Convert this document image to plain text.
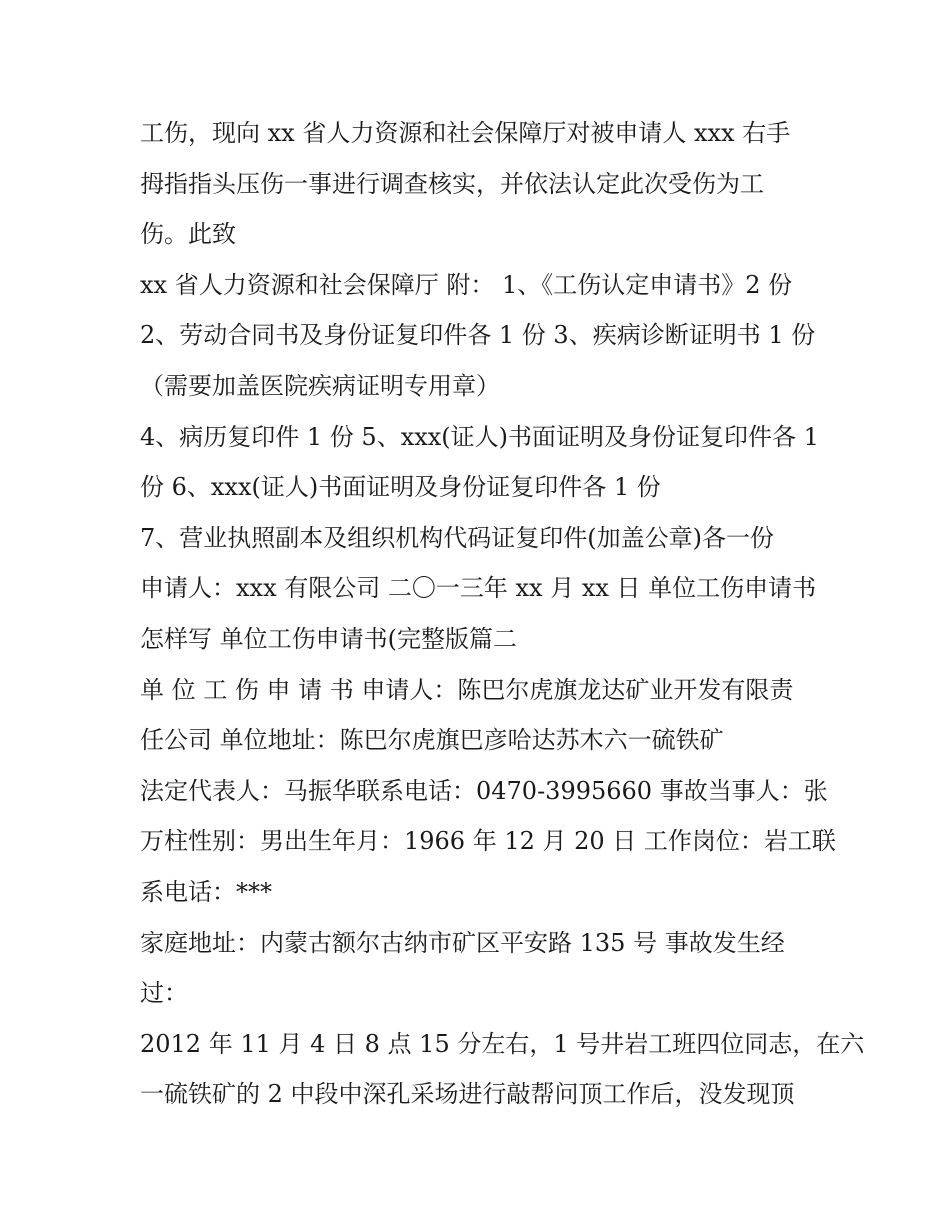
工伤，现向 xx 省人力资源和社会保障厅对被申请人 xxx 右手
拇指指头压伤一事进行调查核实，并依法认定此次受伤为工
伤。此致
xx 省人力资源和社会保障厅 附： 1、《工伤认定申请书》2 份
2、劳动合同书及身份证复印件各 1 份 3、疾病诊断证明书 1 份
（需要加盖医院疾病证明专用章）
4、病历复印件 1 份 5、xxx(证人)书面证明及身份证复印件各 1
份 6、xxx(证人)书面证明及身份证复印件各 1 份
7、营业执照副本及组织机构代码证复印件(加盖公章)各一份
申请人：xxx 有限公司 二〇一三年 xx 月 xx 日 单位工伤申请书
怎样写 单位工伤申请书(完整版篇二
单 位 工 伤 申 请 书 申请人：陈巴尔虎旗龙达矿业开发有限责
任公司 单位地址：陈巴尔虎旗巴彦哈达苏木六一硫铁矿
法定代表人：马振华联系电话：0470-3995660 事故当事人：张
万柱性别：男出生年月：1966 年 12 月 20 日 工作岗位：岩工联
系电话：***
家庭地址：内蒙古额尔古纳市矿区平安路 135 号 事故发生经
过：
2012 年 11 月 4 日 8 点 15 分左右，1 号井岩工班四位同志，在六
一硫铁矿的 2 中段中深孔采场进行敲帮问顶工作后，没发现顶
